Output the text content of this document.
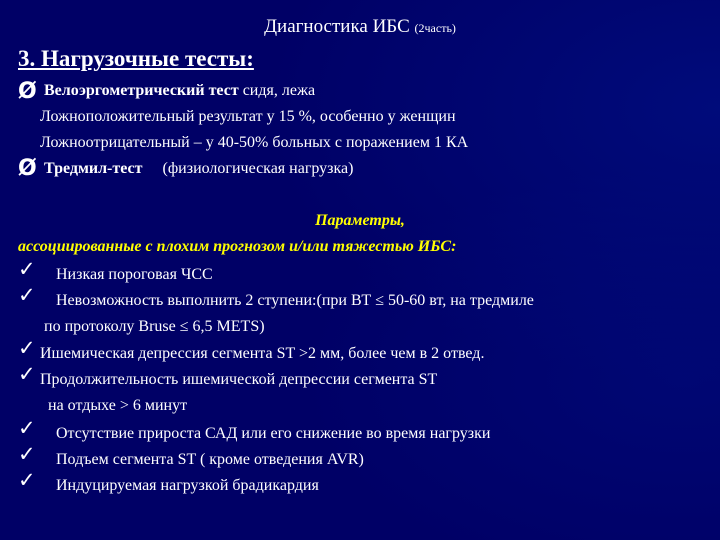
Диагностика ИБС (2часть)
3. Нагрузочные тесты:
Ø Велоэргометрический тест сидя, лежа
Ложноположительный результат у 15 %, особенно у женщин
Ложноотрицательный – у 40-50% больных с поражением 1 КА
Ø Тредмил-тест (физиологическая нагрузка)
Параметры,
ассоциированные с плохим прогнозом и/или тяжестью ИБС:
✓ Низкая пороговая ЧСС
✓ Невозможность выполнить 2 ступени:(при ВТ ≤ 50-60 вт, на тредмиле
по протоколу Bruse ≤ 6,5 METS)
✓ Ишемическая депрессия сегмента ST >2 мм, более чем в 2 отвед.
✓ Продолжительность ишемической депрессии сегмента ST
на отдыхе > 6 минут
✓ Отсутствие прироста САД или его снижение во время нагрузки
✓ Подъем сегмента ST ( кроме отведения AVR)
✓ Индуцируемая нагрузкой брадикардия
